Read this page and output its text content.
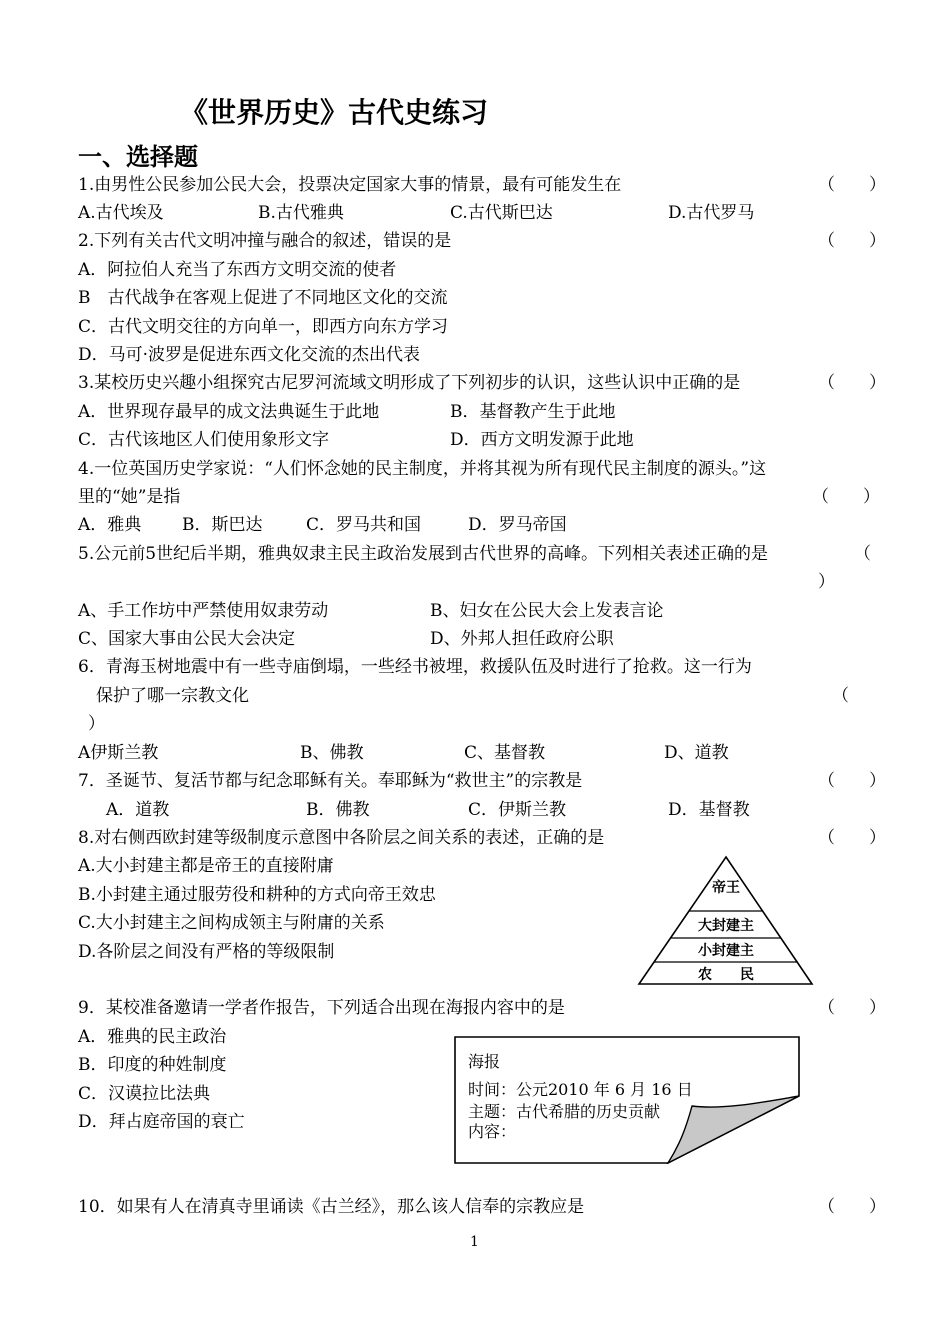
《世界历史》古代史练习
一、选择题
1.由男性公民参加公民大会，投票决定国家大事的情景，最有可能发生在	（　　）
A.古代埃及	B.古代雅典	C.古代斯巴达	D.古代罗马
2.下列有关古代文明冲撞与融合的叙述，错误的是	（　　）
A．阿拉伯人充当了东西方文明交流的使者
B　古代战争在客观上促进了不同地区文化的交流
C．古代文明交往的方向单一，即西方向东方学习
D．马可·波罗是促进东西文化交流的杰出代表
3.某校历史兴趣小组探究古尼罗河流域文明形成了下列初步的认识，这些认识中正确的是	（　　）
A．世界现存最早的成文法典诞生于此地	B．基督教产生于此地
C．古代该地区人们使用象形文字	D．西方文明发源于此地
4.一位英国历史学家说：“人们怀念她的民主制度，并将其视为所有现代民主制度的源头。”这
里的“她”是指	（　　）
A．雅典 B．斯巴达	C．罗马共和国	D．罗马帝国
5.公元前5世纪后半期，雅典奴隶主民主政治发展到古代世界的高峰。下列相关表述正确的是	（
）
A、手工作坊中严禁使用奴隶劳动	B、妇女在公民大会上发表言论
C、国家大事由公民大会决定	D、外邦人担任政府公职
6．青海玉树地震中有一些寺庙倒塌，一些经书被埋，救援队伍及时进行了抢救。这一行为
保护了哪一宗教文化	（
）
A伊斯兰教	B、佛教	C、基督教	D、道教
7．圣诞节、复活节都与纪念耶稣有关。奉耶稣为“救世主”的宗教是	（　　）
A．道教	B．佛教	C．伊斯兰教	D．基督教
8.对右侧西欧封建等级制度示意图中各阶层之间关系的表述，正确的是	（　　）
A.大小封建主都是帝王的直接附庸
B.小封建主通过服劳役和耕种的方式向帝王效忠
C.大小封建主之间构成领主与附庸的关系
D.各阶层之间没有严格的等级限制
帝王
大封建主
小封建主
农　　民
9．某校准备邀请一学者作报告，下列适合出现在海报内容中的是	（　　）
A．雅典的民主政治
B．印度的种姓制度
C．汉谟拉比法典
D．拜占庭帝国的衰亡
海报
时间：公元2010 年 6 月 16 日
主题：古代希腊的历史贡献
内容：
10．如果有人在清真寺里诵读《古兰经》，那么该人信奉的宗教应是	（　　）
1
